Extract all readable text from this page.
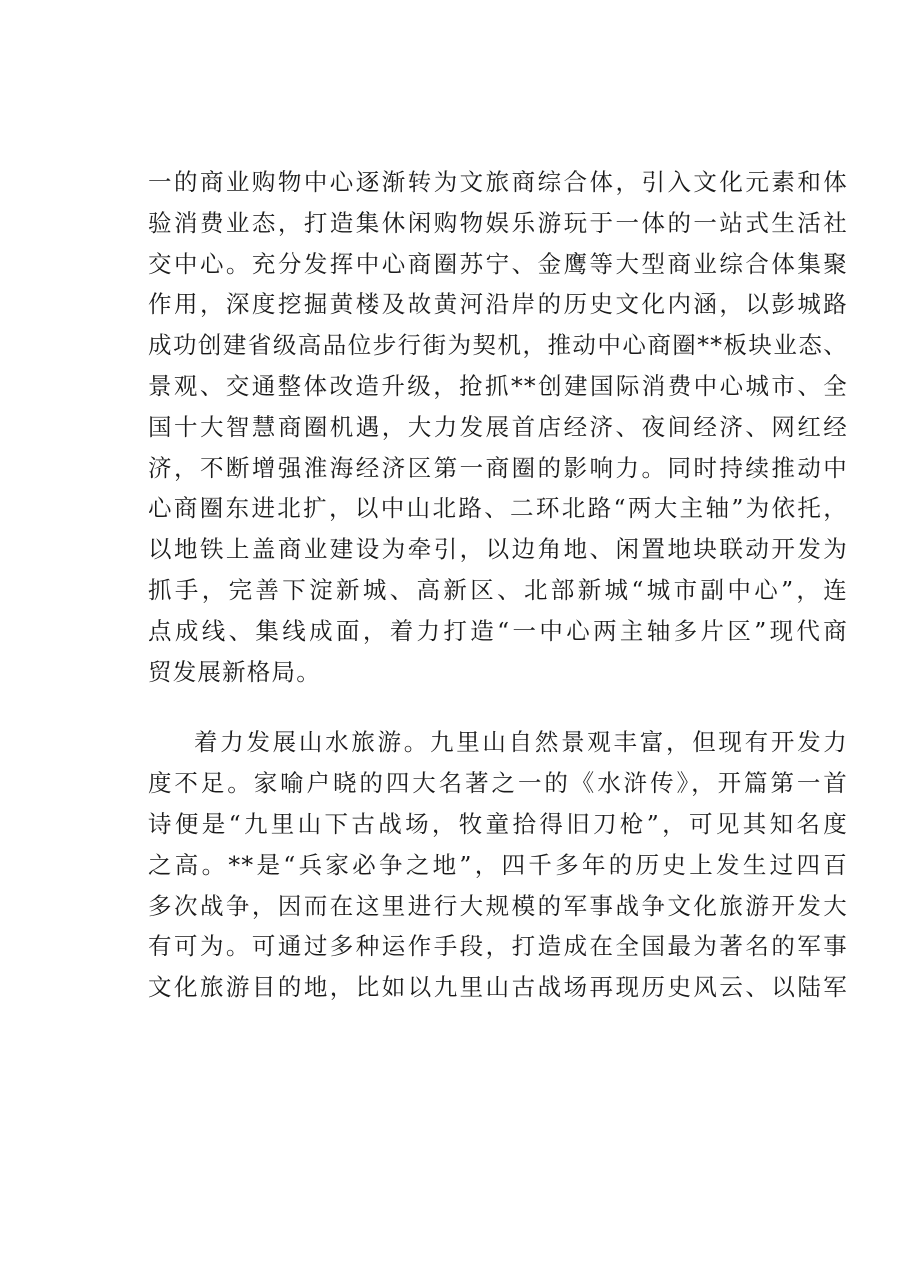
一的商业购物中心逐渐转为文旅商综合体，引入文化元素和体
验消费业态，打造集休闲购物娱乐游玩于一体的一站式生活社
交中心。充分发挥中心商圈苏宁、金鹰等大型商业综合体集聚
作用，深度挖掘黄楼及故黄河沿岸的历史文化内涵，以彭城路
成功创建省级高品位步行街为契机，推动中心商圈**板块业态、
景观、交通整体改造升级，抢抓**创建国际消费中心城市、全
国十大智慧商圈机遇，大力发展首店经济、夜间经济、网红经
济，不断增强淮海经济区第一商圈的影响力。同时持续推动中
心商圈东进北扩，以中山北路、二环北路“两大主轴”为依托，
以地铁上盖商业建设为牵引，以边角地、闲置地块联动开发为
抓手，完善下淀新城、高新区、北部新城“城市副中心”，连
点成线、集线成面，着力打造“一中心两主轴多片区”现代商
贸发展新格局。
着力发展山水旅游。九里山自然景观丰富，但现有开发力
度不足。家喻户晓的四大名著之一的《水浒传》，开篇第一首
诗便是“九里山下古战场，牧童拾得旧刀枪”，可见其知名度
之高。**是“兵家必争之地”，四千多年的历史上发生过四百
多次战争，因而在这里进行大规模的军事战争文化旅游开发大
有可为。可通过多种运作手段，打造成在全国最为著名的军事
文化旅游目的地，比如以九里山古战场再现历史风云、以陆军
